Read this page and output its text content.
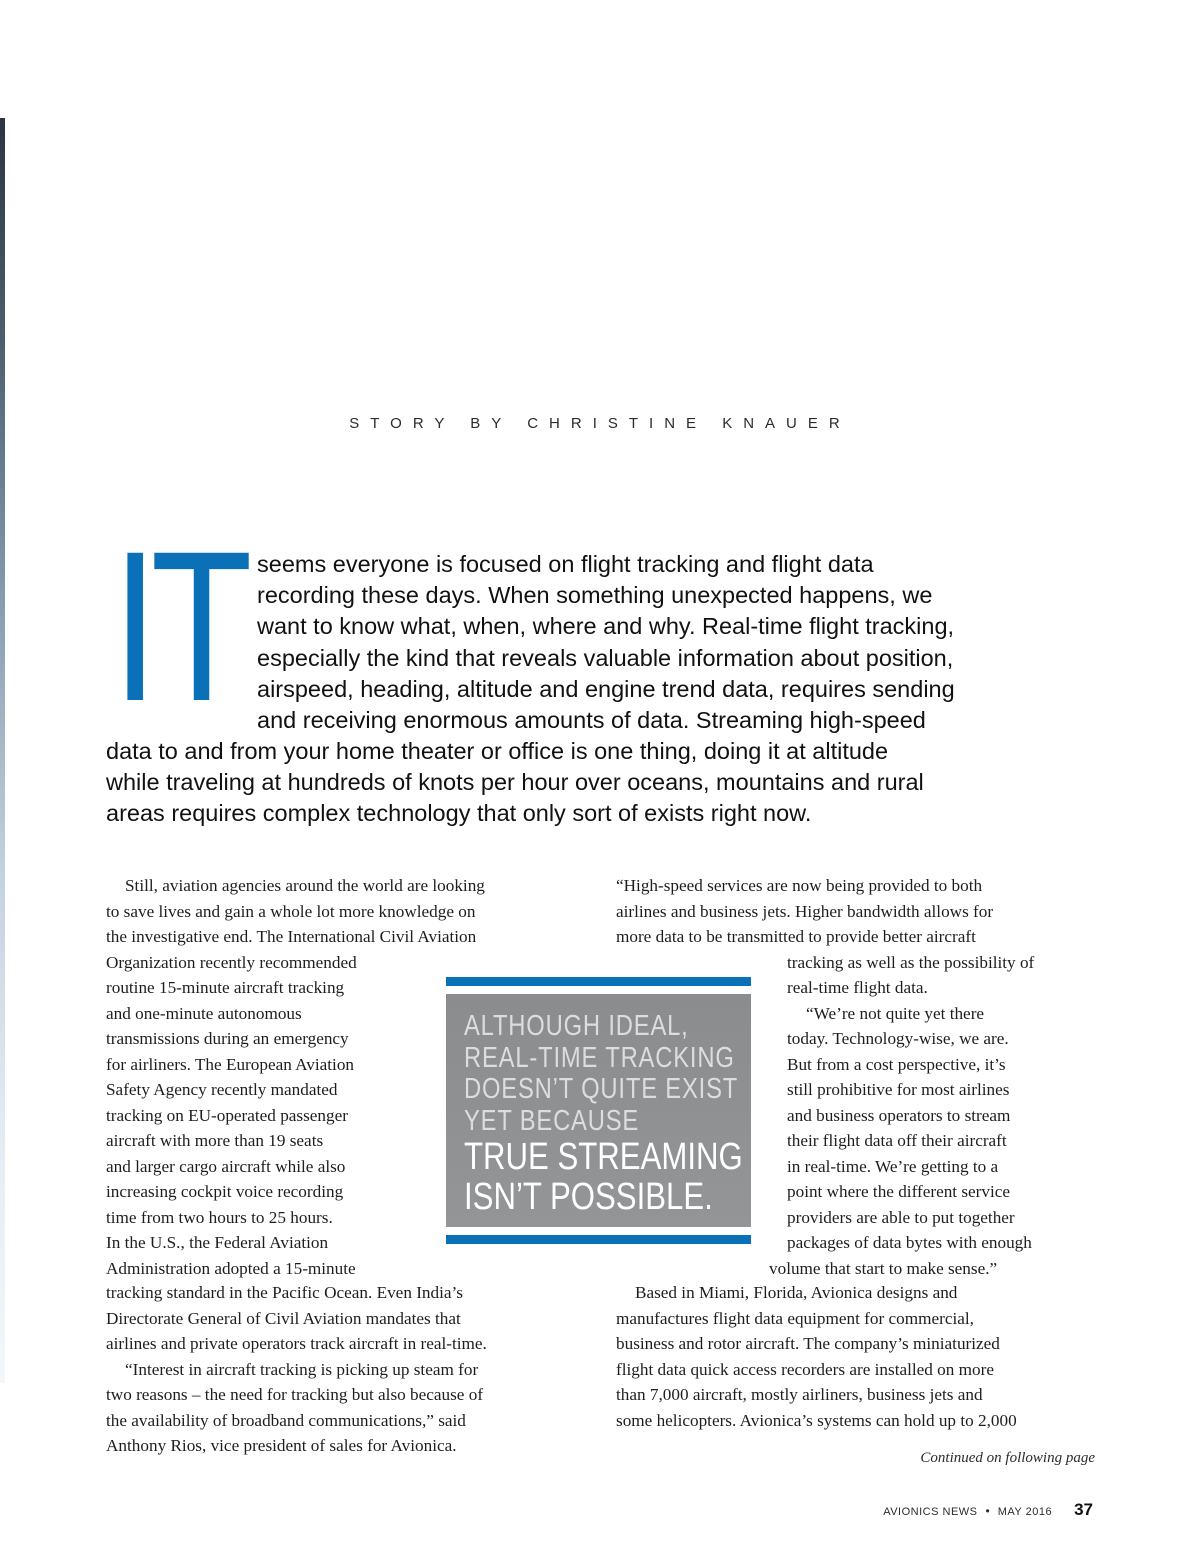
STORY BY CHRISTINE KNAUER
IT seems everyone is focused on flight tracking and flight data
recording these days. When something unexpected happens, we
want to know what, when, where and why. Real-time flight tracking,
especially the kind that reveals valuable information about position,
airspeed, heading, altitude and engine trend data, requires sending
and receiving enormous amounts of data. Streaming high-speed
data to and from your home theater or office is one thing, doing it at altitude
while traveling at hundreds of knots per hour over oceans, mountains and rural
areas requires complex technology that only sort of exists right now.
Still, aviation agencies around the world are looking
to save lives and gain a whole lot more knowledge on
the investigative end. The International Civil Aviation
Organization recently recommended
routine 15-minute aircraft tracking
and one-minute autonomous
transmissions during an emergency
for airliners. The European Aviation
Safety Agency recently mandated
tracking on EU-operated passenger
aircraft with more than 19 seats
and larger cargo aircraft while also
increasing cockpit voice recording
time from two hours to 25 hours.
In the U.S., the Federal Aviation
Administration adopted a 15-minute
tracking standard in the Pacific Ocean. Even India’s
Directorate General of Civil Aviation mandates that
airlines and private operators track aircraft in real-time.
“Interest in aircraft tracking is picking up steam for
two reasons – the need for tracking but also because of
the availability of broadband communications,” said
Anthony Rios, vice president of sales for Avionica.
ALTHOUGH IDEAL,
REAL-TIME TRACKING
DOESN’T QUITE EXIST
YET BECAUSE
TRUE STREAMING
ISN’T POSSIBLE.
“High-speed services are now being provided to both
airlines and business jets. Higher bandwidth allows for
more data to be transmitted to provide better aircraft
tracking as well as the possibility of
real-time flight data.
“We’re not quite yet there
today. Technology-wise, we are.
But from a cost perspective, it’s
still prohibitive for most airlines
and business operators to stream
their flight data off their aircraft
in real-time. We’re getting to a
point where the different service
providers are able to put together
packages of data bytes with enough
volume that start to make sense.”
Based in Miami, Florida, Avionica designs and
manufactures flight data equipment for commercial,
business and rotor aircraft. The company’s miniaturized
flight data quick access recorders are installed on more
than 7,000 aircraft, mostly airliners, business jets and
some helicopters. Avionica’s systems can hold up to 2,000
Continued on following page
AVIONICS NEWS • MAY 2016 37
